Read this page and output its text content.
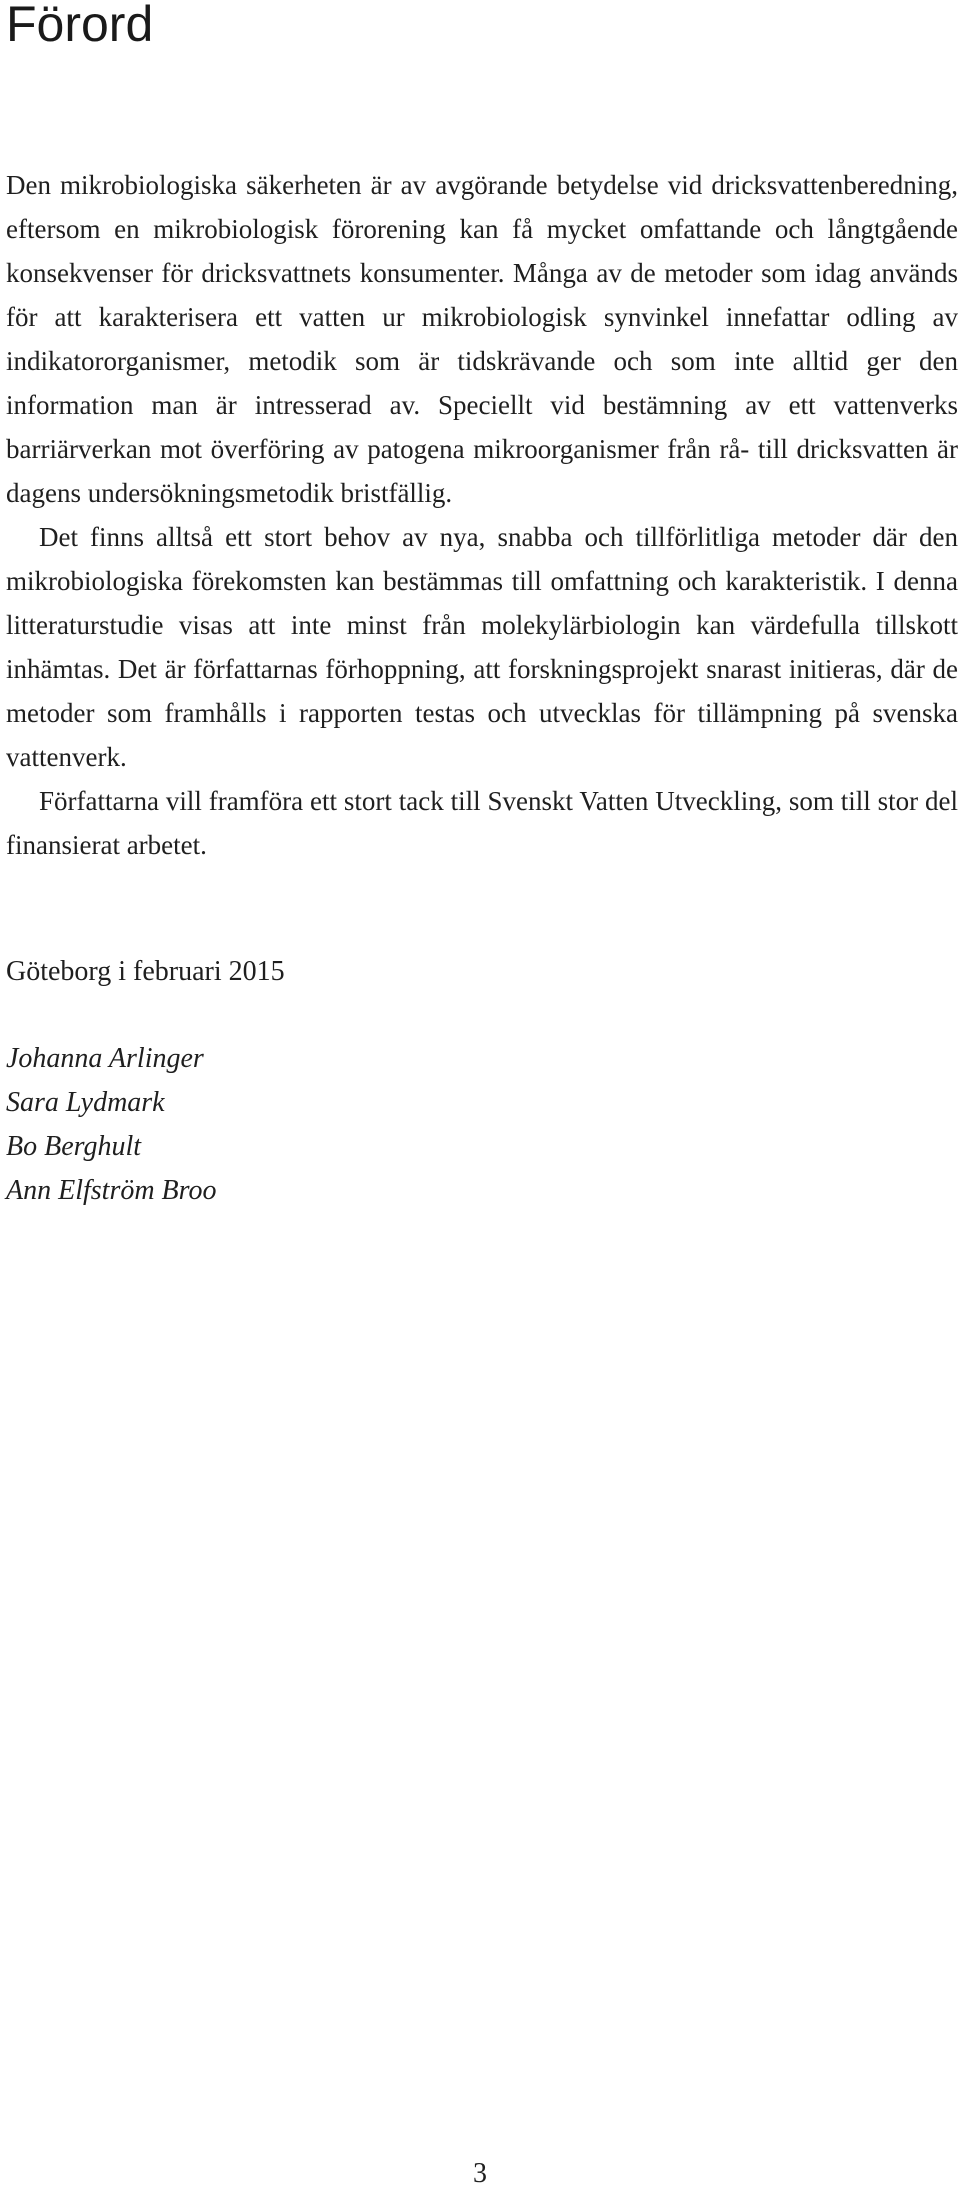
Förord

Den mikrobiologiska säkerheten är av avgörande betydelse vid dricksvattenberedning, eftersom en mikrobiologisk förorening kan få mycket omfattande och långtgående konsekvenser för dricksvattnets konsumenter. Många av de metoder som idag används för att karakterisera ett vatten ur mikrobiologisk synvinkel innefattar odling av indikatororganismer, metodik som är tidskrävande och som inte alltid ger den information man är intresserad av. Speciellt vid bestämning av ett vattenverks barriärverkan mot överföring av patogena mikroorganismer från rå- till dricksvatten är dagens undersökningsmetodik bristfällig.

Det finns alltså ett stort behov av nya, snabba och tillförlitliga metoder där den mikrobiologiska förekomsten kan bestämmas till omfattning och karakteristik. I denna litteraturstudie visas att inte minst från molekylärbiologin kan värdefulla tillskott inhämtas. Det är författarnas förhoppning, att forskningsprojekt snarast initieras, där de metoder som framhålls i rapporten testas och utvecklas för tillämpning på svenska vattenverk.

Författarna vill framföra ett stort tack till Svenskt Vatten Utveckling, som till stor del finansierat arbetet.

Göteborg i februari 2015

Johanna Arlinger
Sara Lydmark
Bo Berghult
Ann Elfström Broo
3
